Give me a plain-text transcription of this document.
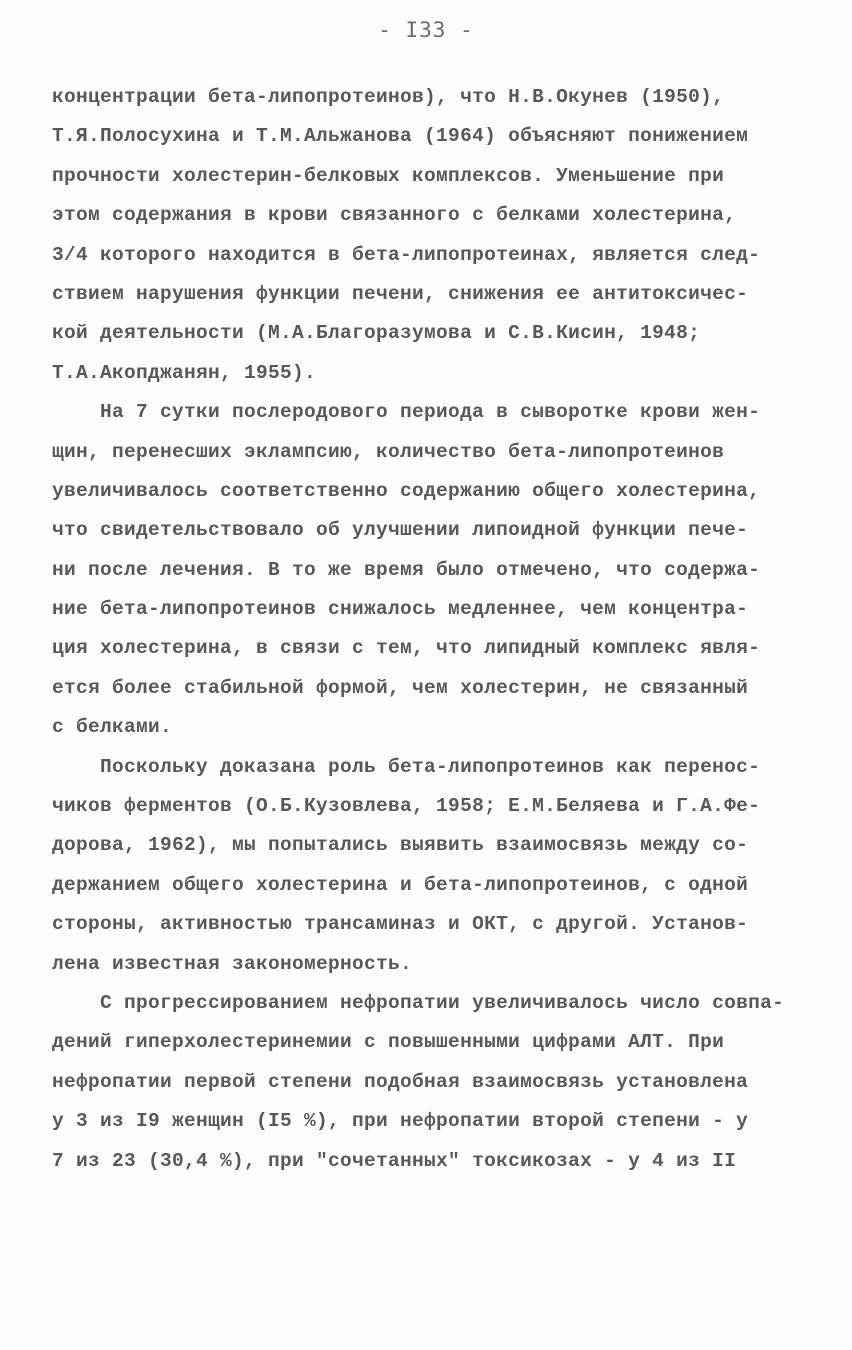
- I33 -
концентрации бета-липопротеинов), что Н.В.Окунев (1950),
Т.Я.Полосухина и Т.М.Альжанова (1964) объясняют понижением
прочности холестерин-белковых комплексов. Уменьшение при
этом содержания в крови связанного с белками холестерина,
3/4 которого находится в бета-липопротеинах, является след-
ствием нарушения функции печени, снижения ее антитоксичес-
кой деятельности (М.А.Благоразумова и С.В.Кисин, 1948;
Т.А.Акопджанян, 1955).
На 7 сутки послеродового периода в сыворотке крови жен-
щин, перенесших эклампсию, количество бета-липопротеинов
увеличивалось соответственно содержанию общего холестерина,
что свидетельствовало об улучшении липоидной функции пече-
ни после лечения. В то же время было отмечено, что содержа-
ние бета-липопротеинов снижалось медленнее, чем концентра-
ция холестерина, в связи с тем, что липидный комплекс явля-
ется более стабильной формой, чем холестерин, не связанный
с белками.
Поскольку доказана роль бета-липопротеинов как перенос-
чиков ферментов (О.Б.Кузовлева, 1958; Е.М.Беляева и Г.А.Фе-
дорова, 1962), мы попытались выявить взаимосвязь между со-
держанием общего холестерина и бета-липопротеинов, с одной
стороны, активностью трансаминаз и ОКТ, с другой. Установ-
лена известная закономерность.
С прогрессированием нефропатии увеличивалось число совпа-
дений гиперхолестеринемии с повышенными цифрами АЛТ. При
нефропатии первой степени подобная взаимосвязь установлена
у 3 из I9 женщин (I5 %), при нефропатии второй степени - у
7 из 23 (30,4 %), при "сочетанных" токсикозах - у 4 из II
